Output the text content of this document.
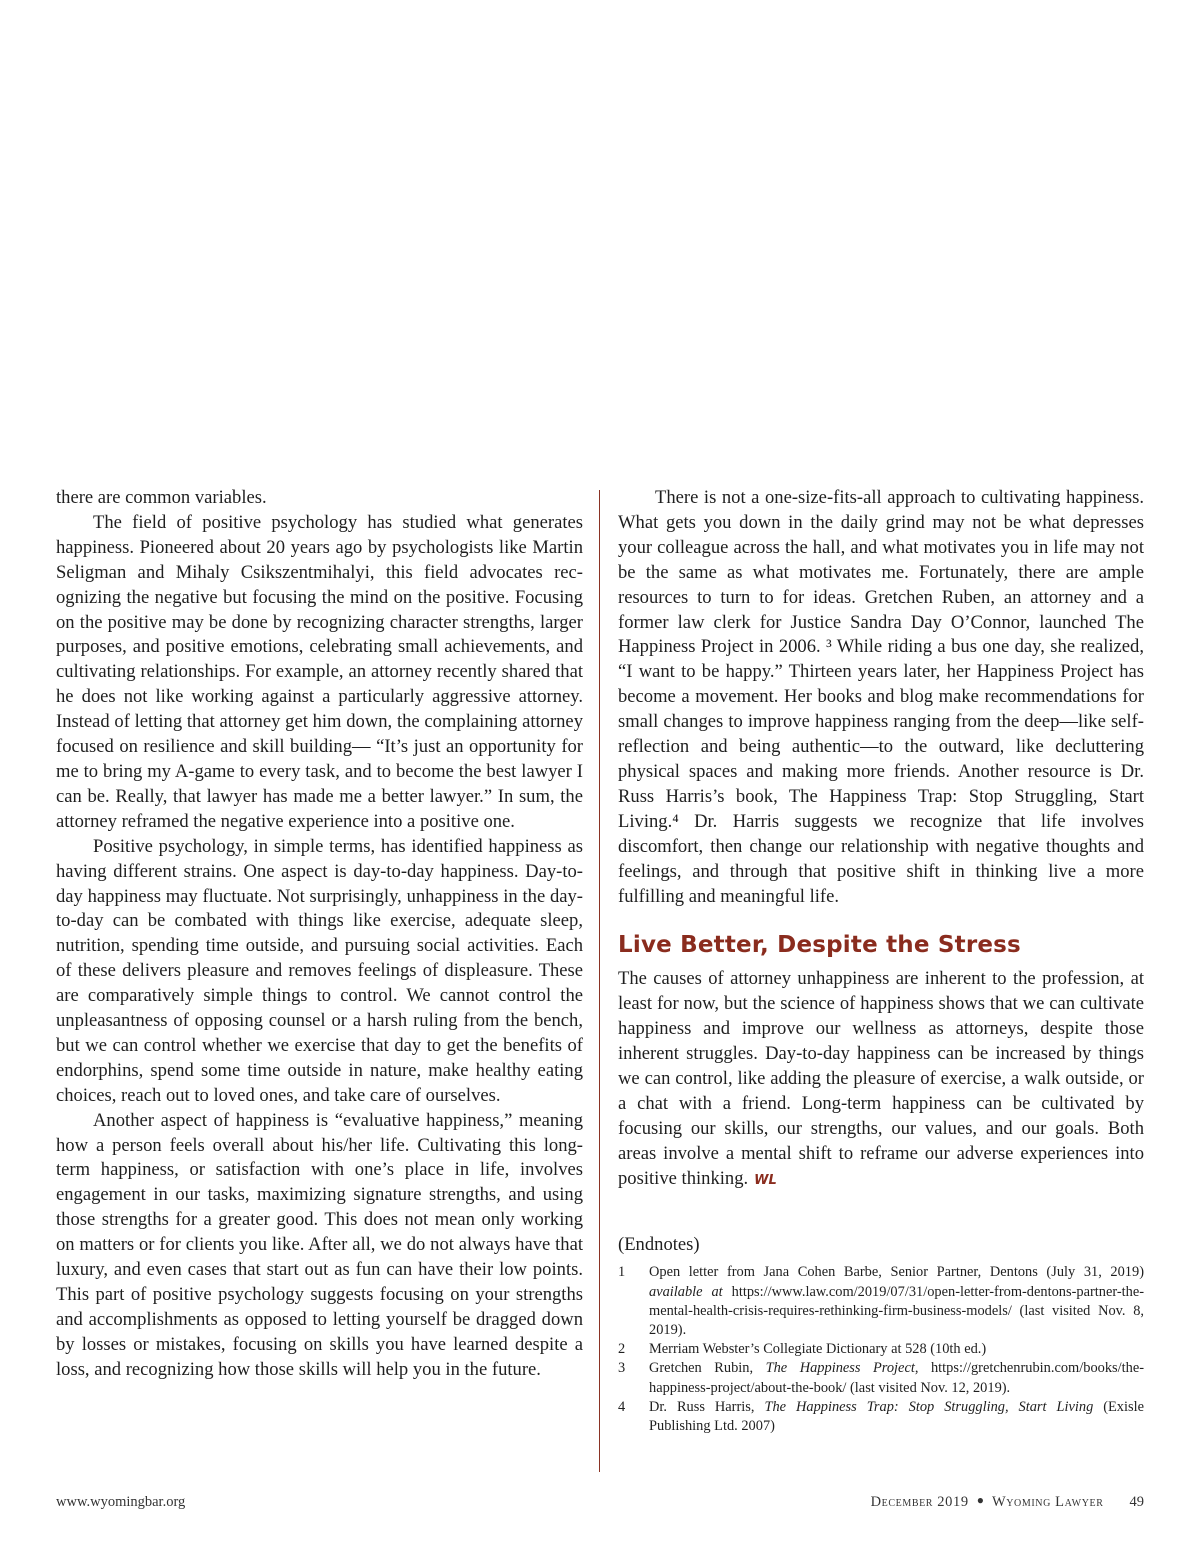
there are common variables.

The field of positive psychology has studied what generates happiness. Pioneered about 20 years ago by psychologists like Martin Seligman and Mihaly Csikszentmihalyi, this field advocates recognizing the negative but focusing the mind on the positive. Focusing on the positive may be done by recognizing character strengths, larger purposes, and positive emotions, celebrating small achievements, and cultivating relationships. For example, an attorney recently shared that he does not like working against a particularly aggressive attorney. Instead of letting that attorney get him down, the complaining attorney focused on resilience and skill building— “It’s just an opportunity for me to bring my A-game to every task, and to become the best lawyer I can be. Really, that lawyer has made me a better lawyer.” In sum, the attorney reframed the negative experience into a positive one.

Positive psychology, in simple terms, has identified happiness as having different strains. One aspect is day-to-day happiness. Day-to-day happiness may fluctuate. Not surprisingly, unhappiness in the day-to-day can be combated with things like exercise, adequate sleep, nutrition, spending time outside, and pursuing social activities. Each of these delivers pleasure and removes feelings of displeasure. These are comparatively simple things to control. We cannot control the unpleasantness of opposing counsel or a harsh ruling from the bench, but we can control whether we exercise that day to get the benefits of endorphins, spend some time outside in nature, make healthy eating choices, reach out to loved ones, and take care of ourselves.

Another aspect of happiness is “evaluative happiness,” meaning how a person feels overall about his/her life. Cultivating this long-term happiness, or satisfaction with one’s place in life, involves engagement in our tasks, maximizing signature strengths, and using those strengths for a greater good. This does not mean only working on matters or for clients you like. After all, we do not always have that luxury, and even cases that start out as fun can have their low points. This part of positive psychology suggests focusing on your strengths and accomplishments as opposed to letting yourself be dragged down by losses or mistakes, focusing on skills you have learned despite a loss, and recognizing how those skills will help you in the future.

There is not a one-size-fits-all approach to cultivating happiness. What gets you down in the daily grind may not be what depresses your colleague across the hall, and what motivates you in life may not be the same as what motivates me. Fortunately, there are ample resources to turn to for ideas. Gretchen Ruben, an attorney and a former law clerk for Justice Sandra Day O’Connor, launched The Happiness Project in 2006. ³ While riding a bus one day, she realized, “I want to be happy.” Thirteen years later, her Happiness Project has become a movement. Her books and blog make recommendations for small changes to improve happiness ranging from the deep—like self-reflection and being authentic—to the outward, like decluttering physical spaces and making more friends. Another resource is Dr. Russ Harris’s book, The Happiness Trap: Stop Struggling, Start Living.⁴ Dr. Harris suggests we recognize that life involves discomfort, then change our relationship with negative thoughts and feelings, and through that positive shift in thinking live a more fulfilling and meaningful life.

Live Better, Despite the Stress

The causes of attorney unhappiness are inherent to the profession, at least for now, but the science of happiness shows that we can cultivate happiness and improve our wellness as attorneys, despite those inherent struggles. Day-to-day happiness can be increased by things we can control, like adding the pleasure of exercise, a walk outside, or a chat with a friend. Long-term happiness can be cultivated by focusing our skills, our strengths, our values, and our goals. Both areas involve a mental shift to reframe our adverse experiences into positive thinking. WL

(Endnotes)

1	Open letter from Jana Cohen Barbe, Senior Partner, Dentons (July 31, 2019) available at https://www.law.com/2019/07/31/open-letter-from-dentons-partner-the-mental-health-crisis-requires-rethinking-firm-business-models/ (last visited Nov. 8, 2019).
2	Merriam Webster’s Collegiate Dictionary at 528 (10th ed.)
3	Gretchen Rubin, The Happiness Project, https://gretchenrubin.com/books/the-happiness-project/about-the-book/ (last visited Nov. 12, 2019).
4	Dr. Russ Harris, The Happiness Trap: Stop Struggling, Start Living (Exisle Publishing Ltd. 2007)
www.wyomingbar.org	December 2019 ● Wyoming Lawyer 49
